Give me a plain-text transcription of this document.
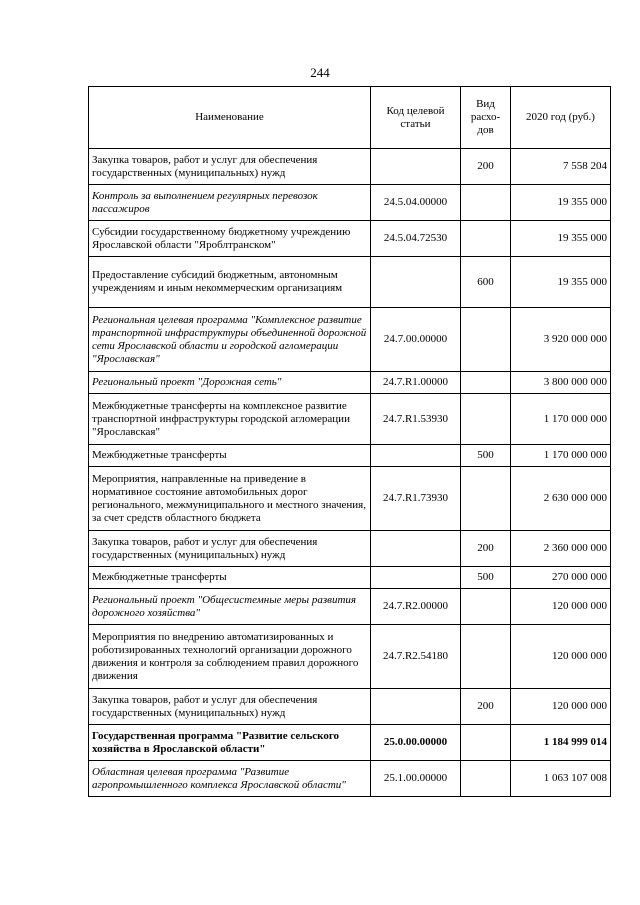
244
Наименование	Код целевой статьи	Вид расхо-дов	2020 год (руб.)
Закупка товаров, работ и услуг для обеспечения государственных (муниципальных) нужд		200	7 558 204
Контроль за выполнением регулярных перевозок пассажиров	24.5.04.00000		19 355 000
Субсидии государственному бюджетному учреждению Ярославской области "Яроблтранском"	24.5.04.72530		19 355 000
Предоставление субсидий бюджетным, автономным учреждениям и иным некоммерческим организациям		600	19 355 000
Региональная целевая программа "Комплексное развитие транспортной инфраструктуры объединенной дорожной сети Ярославской области и городской агломерации "Ярославская"	24.7.00.00000		3 920 000 000
Региональный проект "Дорожная сеть"	24.7.R1.00000		3 800 000 000
Межбюджетные трансферты на комплексное развитие транспортной инфраструктуры городской агломерации "Ярославская"	24.7.R1.53930		1 170 000 000
Межбюджетные трансферты		500	1 170 000 000
Мероприятия, направленные на приведение в нормативное состояние автомобильных дорог регионального, межмуниципального и местного значения, за счет средств областного бюджета	24.7.R1.73930		2 630 000 000
Закупка товаров, работ и услуг для обеспечения государственных (муниципальных) нужд		200	2 360 000 000
Межбюджетные трансферты		500	270 000 000
Региональный проект "Общесистемные меры развития дорожного хозяйства"	24.7.R2.00000		120 000 000
Мероприятия по внедрению автоматизированных и роботизированных технологий организации дорожного движения и контроля за соблюдением правил дорожного движения	24.7.R2.54180		120 000 000
Закупка товаров, работ и услуг для обеспечения государственных (муниципальных) нужд		200	120 000 000
Государственная программа "Развитие сельского хозяйства в Ярославской области"	25.0.00.00000		1 184 999 014
Областная целевая программа "Развитие агропромышленного комплекса Ярославской области"	25.1.00.00000		1 063 107 008
